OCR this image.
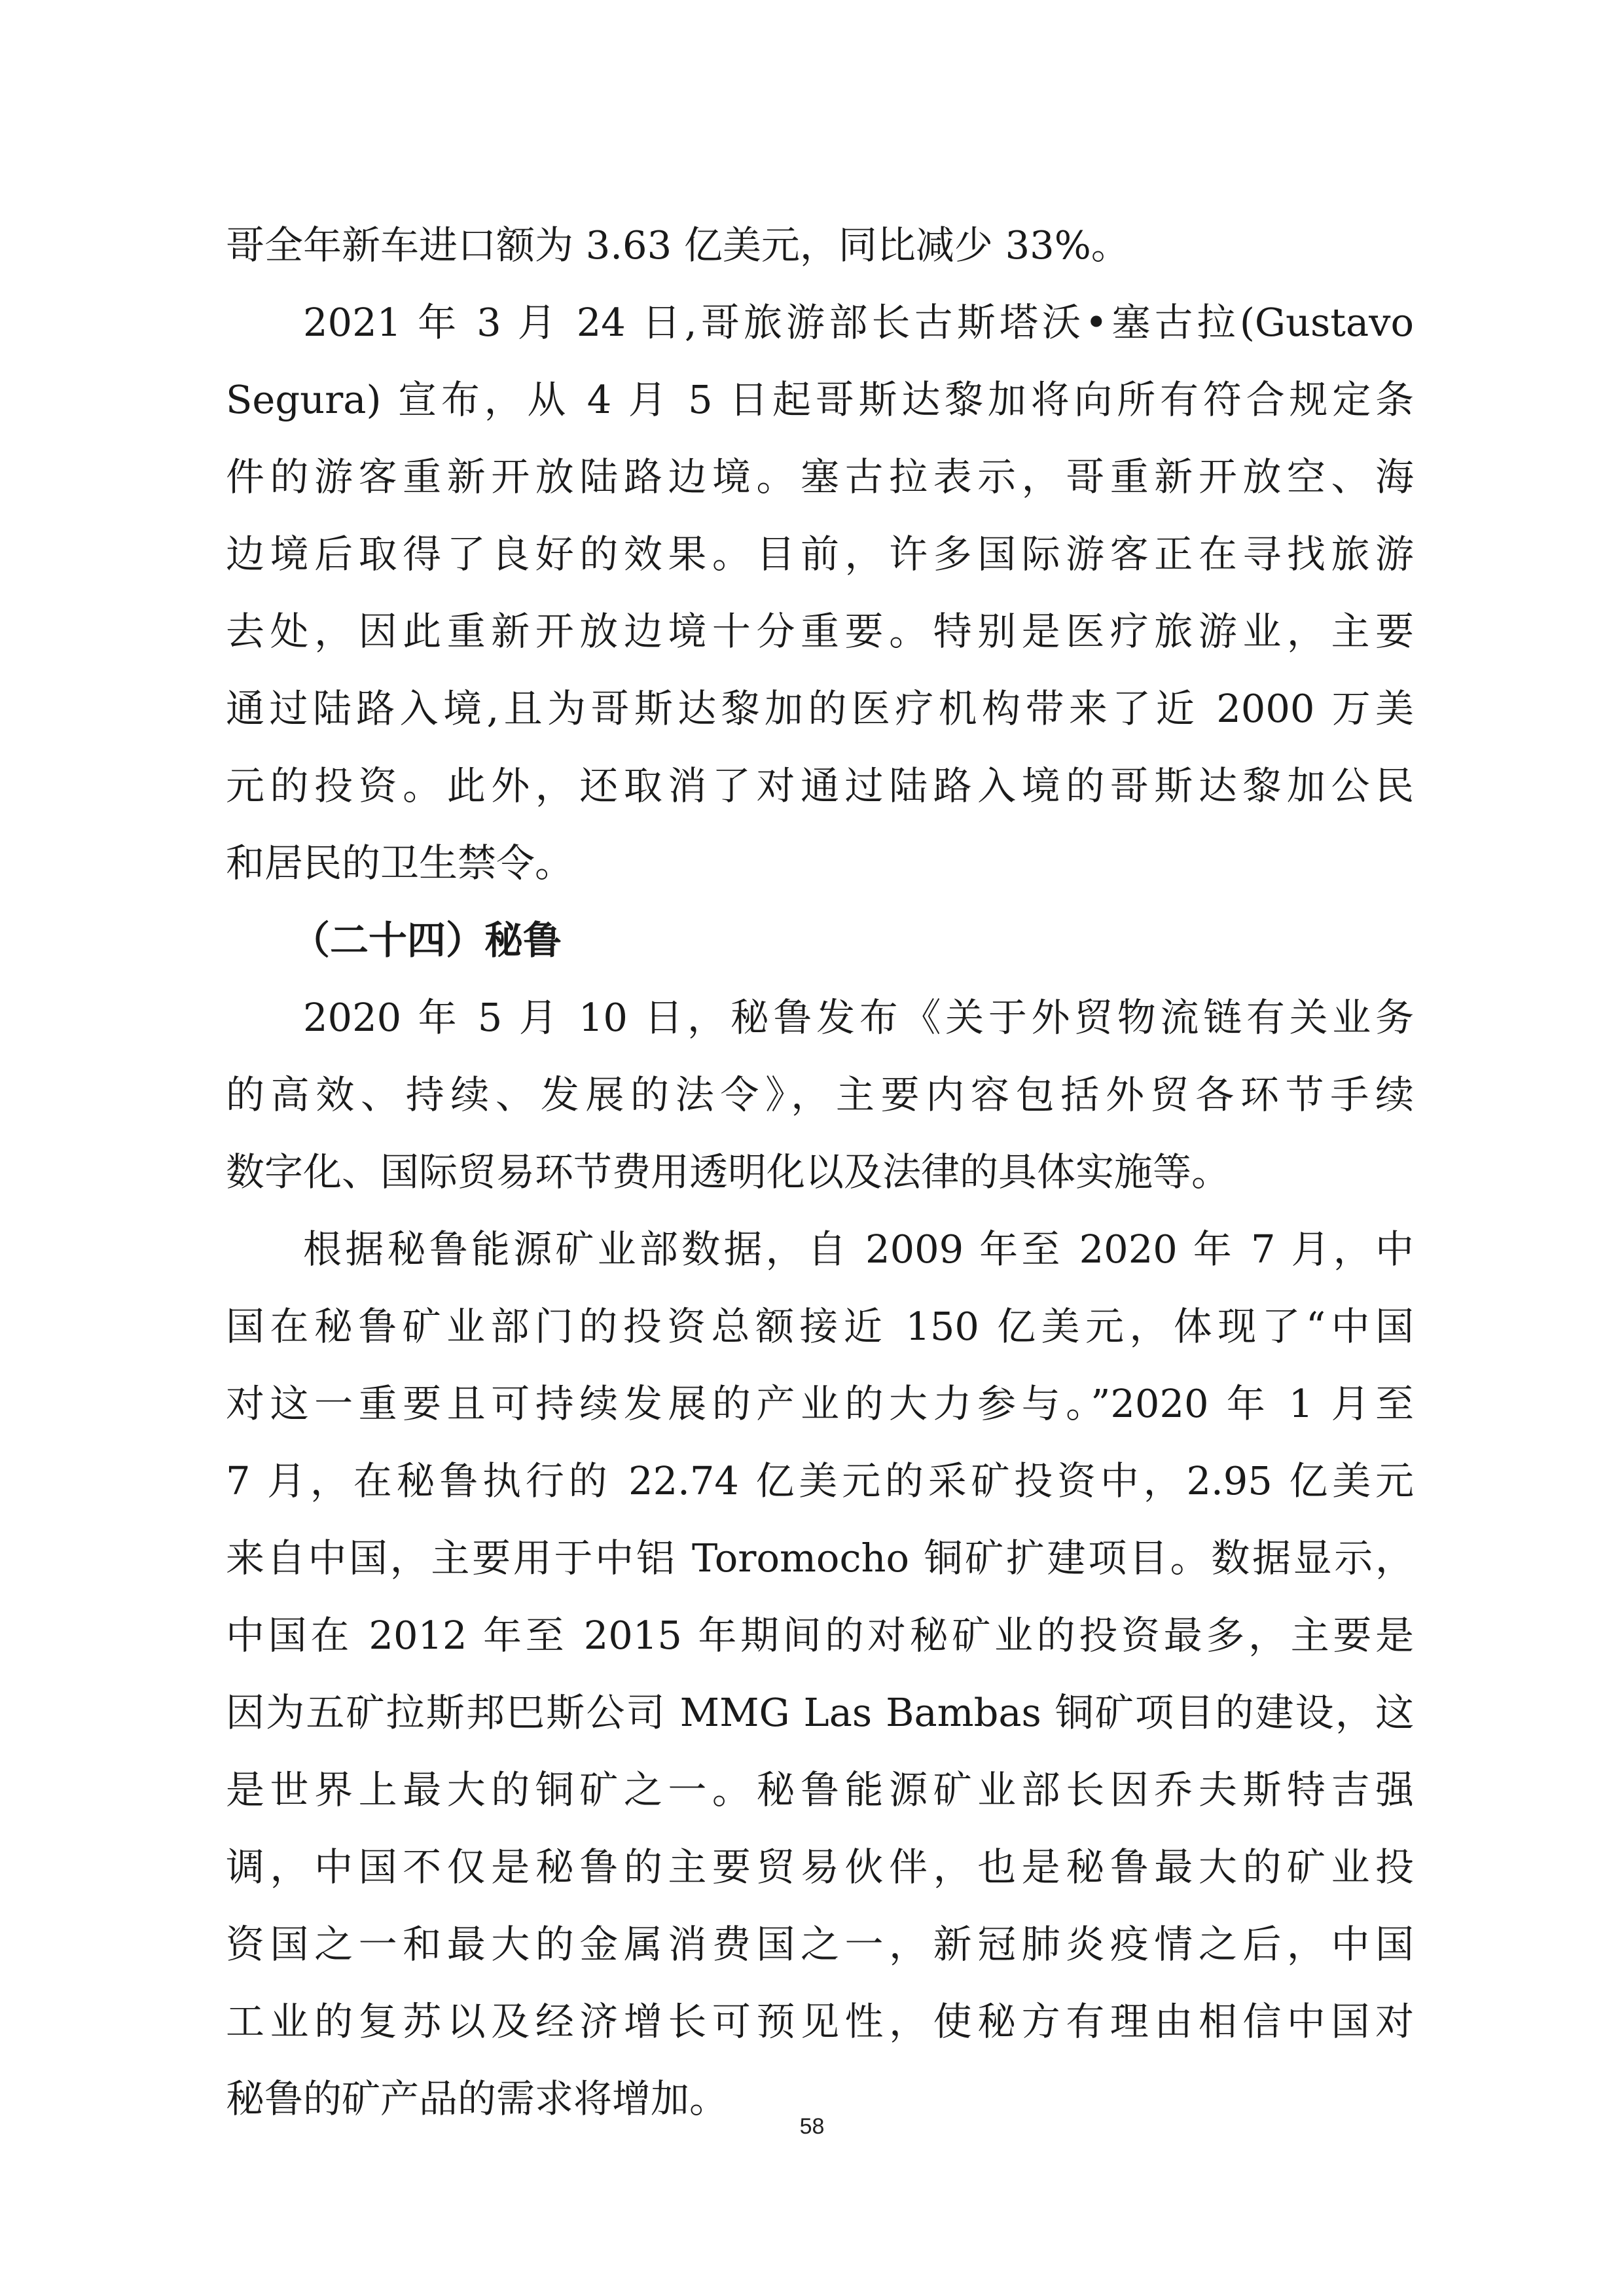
哥全年新车进口额为 3.63 亿美元，同比减少 33%。
2021 年 3 月 24 日,哥旅游部长古斯塔沃•塞古拉(Gustavo
Segura) 宣布，从 4 月 5 日起哥斯达黎加将向所有符合规定条
件的游客重新开放陆路边境。塞古拉表示，哥重新开放空、海
边境后取得了良好的效果。目前，许多国际游客正在寻找旅游
去处，因此重新开放边境十分重要。特别是医疗旅游业，主要
通过陆路入境,且为哥斯达黎加的医疗机构带来了近 2000 万美
元的投资。此外，还取消了对通过陆路入境的哥斯达黎加公民
和居民的卫生禁令。
（二十四）秘鲁
2020 年 5 月 10 日，秘鲁发布《关于外贸物流链有关业务
的高效、持续、发展的法令》，主要内容包括外贸各环节手续
数字化、国际贸易环节费用透明化以及法律的具体实施等。
根据秘鲁能源矿业部数据，自 2009 年至 2020 年 7 月，中
国在秘鲁矿业部门的投资总额接近 150 亿美元，体现了“中国
对这一重要且可持续发展的产业的大力参与。”2020 年 1 月至
7 月，在秘鲁执行的 22.74 亿美元的采矿投资中，2.95 亿美元
来自中国，主要用于中铝 Toromocho 铜矿扩建项目。数据显示，
中国在 2012 年至 2015 年期间的对秘矿业的投资最多，主要是
因为五矿拉斯邦巴斯公司 MMG Las Bambas 铜矿项目的建设，这
是世界上最大的铜矿之一。秘鲁能源矿业部长因乔夫斯特吉强
调，中国不仅是秘鲁的主要贸易伙伴，也是秘鲁最大的矿业投
资国之一和最大的金属消费国之一，新冠肺炎疫情之后，中国
工业的复苏以及经济增长可预见性，使秘方有理由相信中国对
秘鲁的矿产品的需求将增加。
58
